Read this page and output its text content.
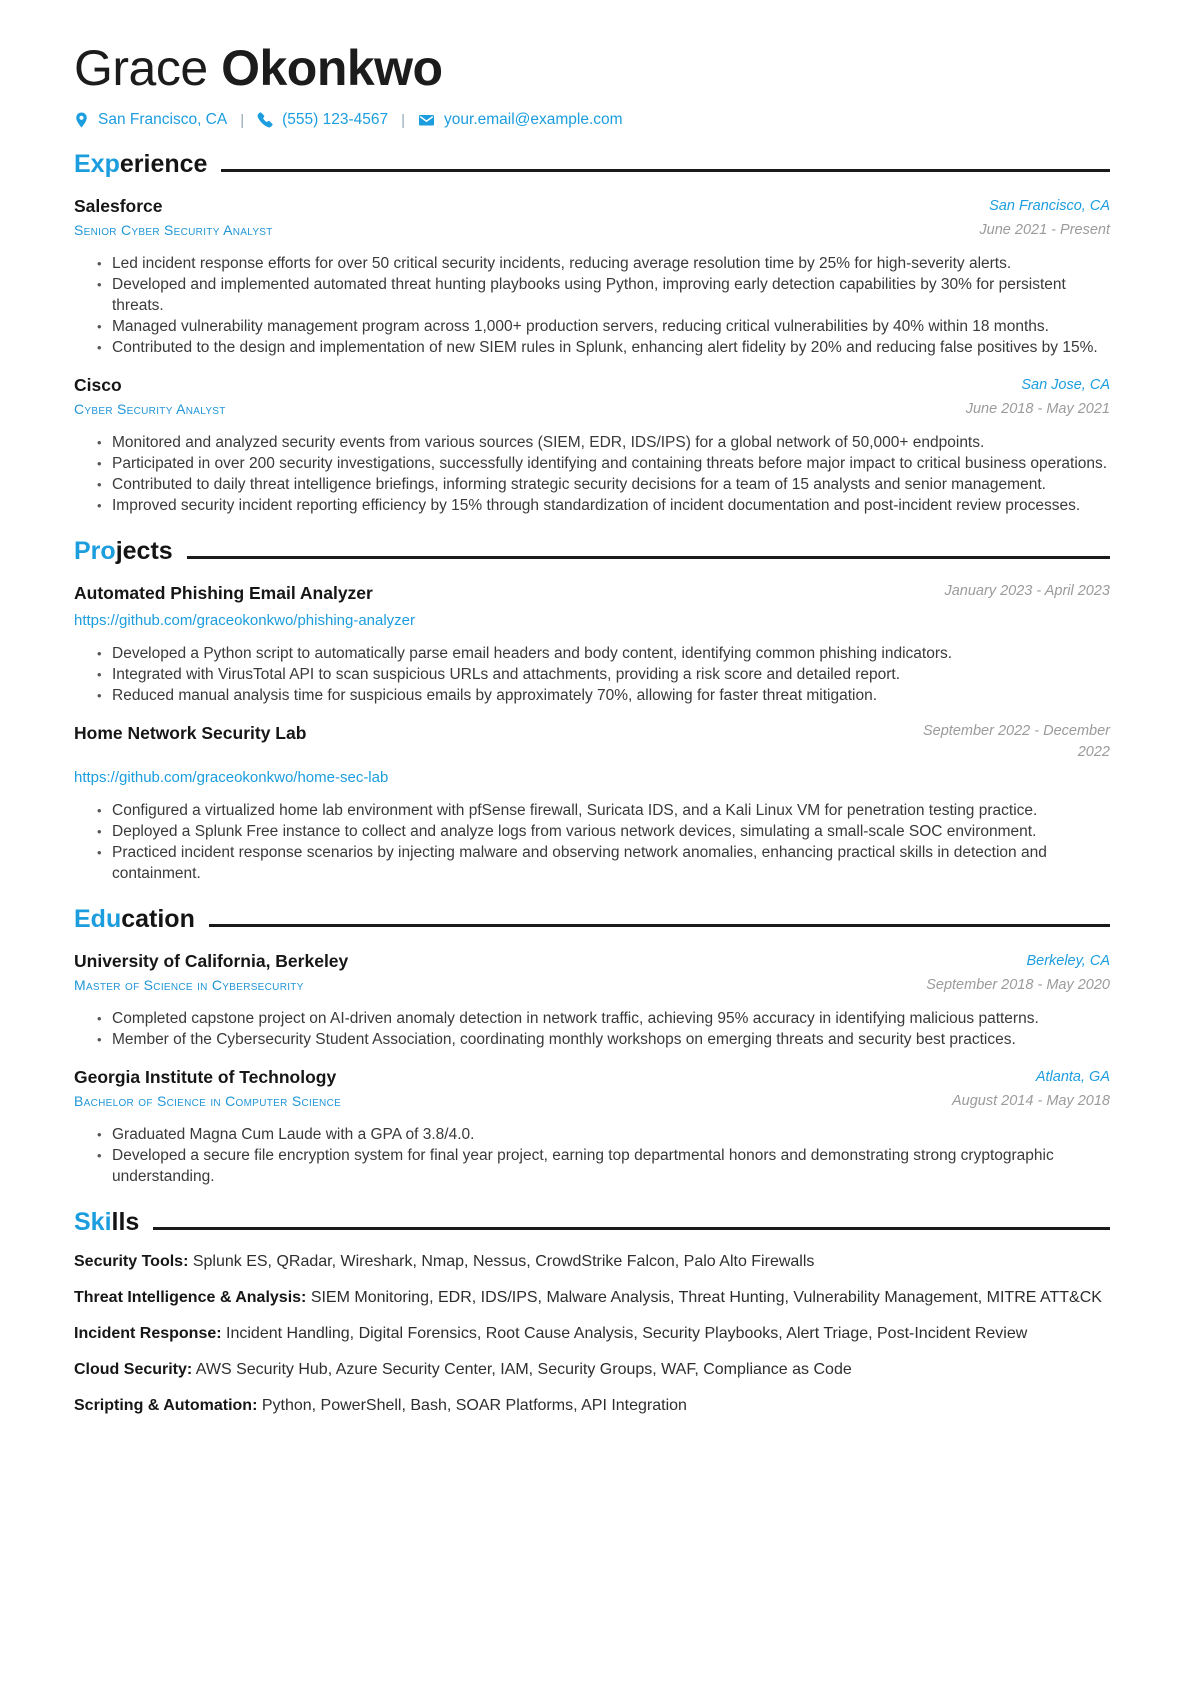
Grace Okonkwo
San Francisco, CA | (555) 123-4567 |	your.email@example.com
Experience
Salesforce
Senior Cyber Security Analyst
San Francisco, CA
June 2021 - Present
• Led incident response efforts for over 50 critical security incidents, reducing average resolution time by 25% for high-severity alerts.
• Developed and implemented automated threat hunting playbooks using Python, improving early detection capabilities by 30% for persistent threats.
• Managed vulnerability management program across 1,000+ production servers, reducing critical vulnerabilities by 40% within 18 months.
• Contributed to the design and implementation of new SIEM rules in Splunk, enhancing alert fidelity by 20% and reducing false positives by 15%.
Cisco
Cyber Security Analyst
San Jose, CA
June 2018 - May 2021
• Monitored and analyzed security events from various sources (SIEM, EDR, IDS/IPS) for a global network of 50,000+ endpoints.
• Participated in over 200 security investigations, successfully identifying and containing threats before major impact to critical business operations.
• Contributed to daily threat intelligence briefings, informing strategic security decisions for a team of 15 analysts and senior management.
• Improved security incident reporting efficiency by 15% through standardization of incident documentation and post-incident review processes.
Projects
Automated Phishing Email Analyzer	January 2023 - April 2023
https://github.com/graceokonkwo/phishing-analyzer
• Developed a Python script to automatically parse email headers and body content, identifying common phishing indicators.
• Integrated with VirusTotal API to scan suspicious URLs and attachments, providing a risk score and detailed report.
• Reduced manual analysis time for suspicious emails by approximately 70%, allowing for faster threat mitigation.
Home Network Security Lab	September 2022 - December 2022
https://github.com/graceokonkwo/home-sec-lab
• Configured a virtualized home lab environment with pfSense firewall, Suricata IDS, and a Kali Linux VM for penetration testing practice.
• Deployed a Splunk Free instance to collect and analyze logs from various network devices, simulating a small-scale SOC environment.
• Practiced incident response scenarios by injecting malware and observing network anomalies, enhancing practical skills in detection and containment.
Education
University of California, Berkeley
Master of Science in Cybersecurity
Berkeley, CA
September 2018 - May 2020
• Completed capstone project on AI-driven anomaly detection in network traffic, achieving 95% accuracy in identifying malicious patterns.
• Member of the Cybersecurity Student Association, coordinating monthly workshops on emerging threats and security best practices.
Georgia Institute of Technology
Bachelor of Science in Computer Science
Atlanta, GA
August 2014 - May 2018
• Graduated Magna Cum Laude with a GPA of 3.8/4.0.
• Developed a secure file encryption system for final year project, earning top departmental honors and demonstrating strong cryptographic understanding.
Skills
Security Tools: Splunk ES, QRadar, Wireshark, Nmap, Nessus, CrowdStrike Falcon, Palo Alto Firewalls
Threat Intelligence & Analysis: SIEM Monitoring, EDR, IDS/IPS, Malware Analysis, Threat Hunting, Vulnerability Management, MITRE ATT&CK
Incident Response: Incident Handling, Digital Forensics, Root Cause Analysis, Security Playbooks, Alert Triage, Post-Incident Review
Cloud Security: AWS Security Hub, Azure Security Center, IAM, Security Groups, WAF, Compliance as Code
Scripting & Automation: Python, PowerShell, Bash, SOAR Platforms, API Integration
